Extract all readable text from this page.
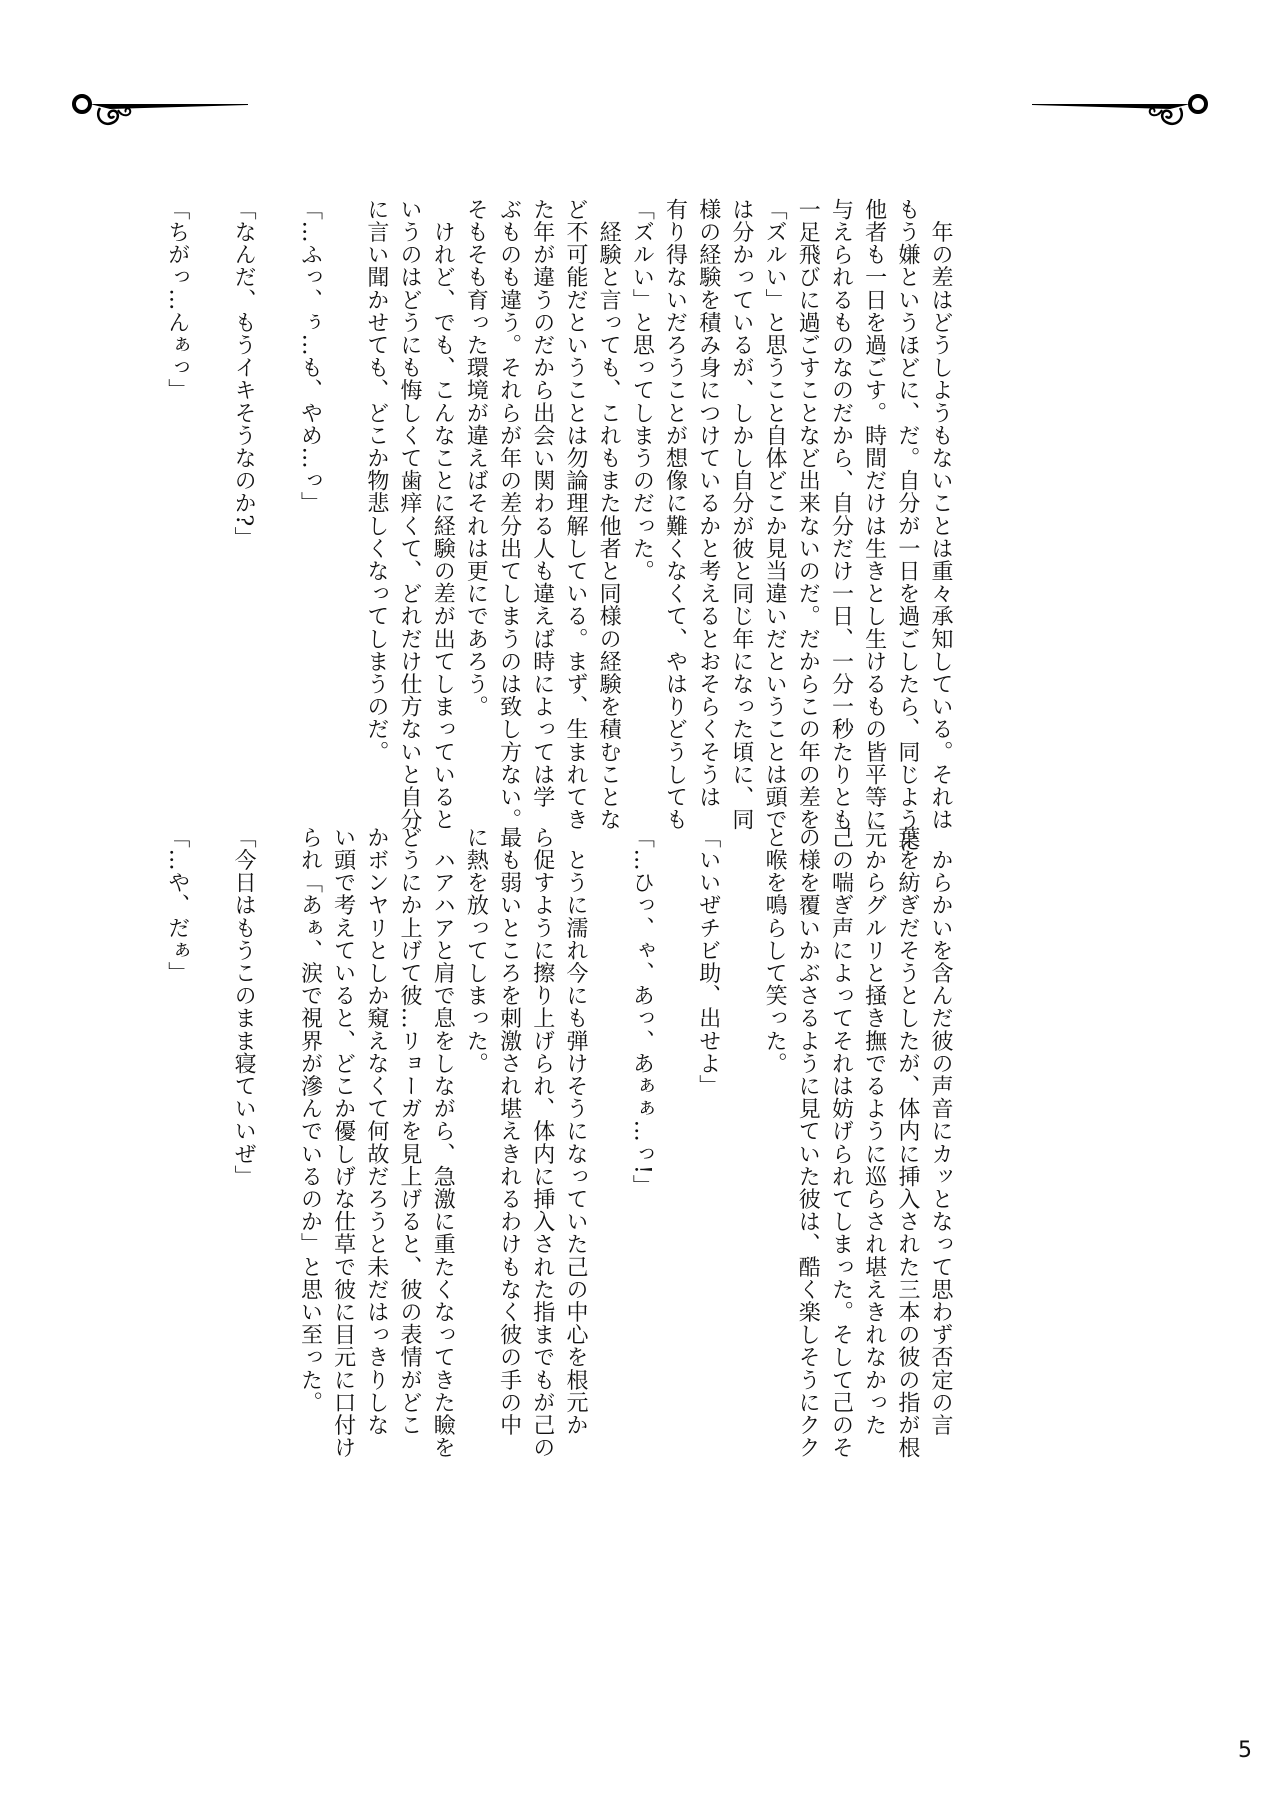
　年の差はどうしようもないことは重々承知している。それは
もう嫌というほどに、だ。自分が一日を過ごしたら、同じように
他者も一日を過ごす。時間だけは生きとし生けるもの皆平等に
与えられるものなのだから、自分だけ一日、一分一秒たりとも
一足飛びに過ごすことなど出来ないのだ。だからこの年の差を
「ズルい」と思うこと自体どこか見当違いだということは頭で
は分かっているが、しかし自分が彼と同じ年になった頃に、同
様の経験を積み身につけているかと考えるとおそらくそうは
有り得ないだろうことが想像に難くなくて、やはりどうしても
「ズルい」と思ってしまうのだった。
　経験と言っても、これもまた他者と同様の経験を積むことな
ど不可能だということは勿論理解している。まず、生まれてき
た年が違うのだから出会い関わる人も違えば時によっては学
ぶものも違う。それらが年の差分出てしまうのは致し方ない。
そもそも育った環境が違えばそれは更にであろう。
　けれど、でも、こんなことに経験の差が出てしまっていると
いうのはどうにも悔しくて歯痒くて、どれだけ仕方ないと自分
に言い聞かせても、どこか物悲しくなってしまうのだ。
「…ふっ、ぅ…も、やめ…っ」
「なんだ、もうイキそうなのか?」
「ちがっ…んぁっ」
　からかいを含んだ彼の声音にカッとなって思わず否定の言
葉を紡ぎだそうとしたが、体内に挿入された三本の彼の指が根
元からグルリと掻き撫でるように巡らされ堪えきれなかった
己の喘ぎ声によってそれは妨げられてしまった。そして己のそ
の様を覆いかぶさるように見ていた彼は、酷く楽しそうにクク
と喉を鳴らして笑った。
「いいぜチビ助、出せよ」
「…ひっ、ゃ、あっ、あぁぁ…っ!」
　とうに濡れ今にも弾けそうになっていた己の中心を根元か
ら促すように擦り上げられ、体内に挿入された指までもが己の
最も弱いところを刺激され堪えきれるわけもなく彼の手の中
に熱を放ってしまった。
　ハアハアと肩で息をしながら、急激に重たくなってきた瞼を
どうにか上げて彼…リョーガを見上げると、彼の表情がどこ
かボンヤリとしか窺えなくて何故だろうと未だはっきりしな
い頭で考えていると、どこか優しげな仕草で彼に目元に口付け
られ「あぁ、涙で視界が滲んでいるのか」と思い至った。
「今日はもうこのまま寝ていいぜ」
「…や、だぁ」
5
